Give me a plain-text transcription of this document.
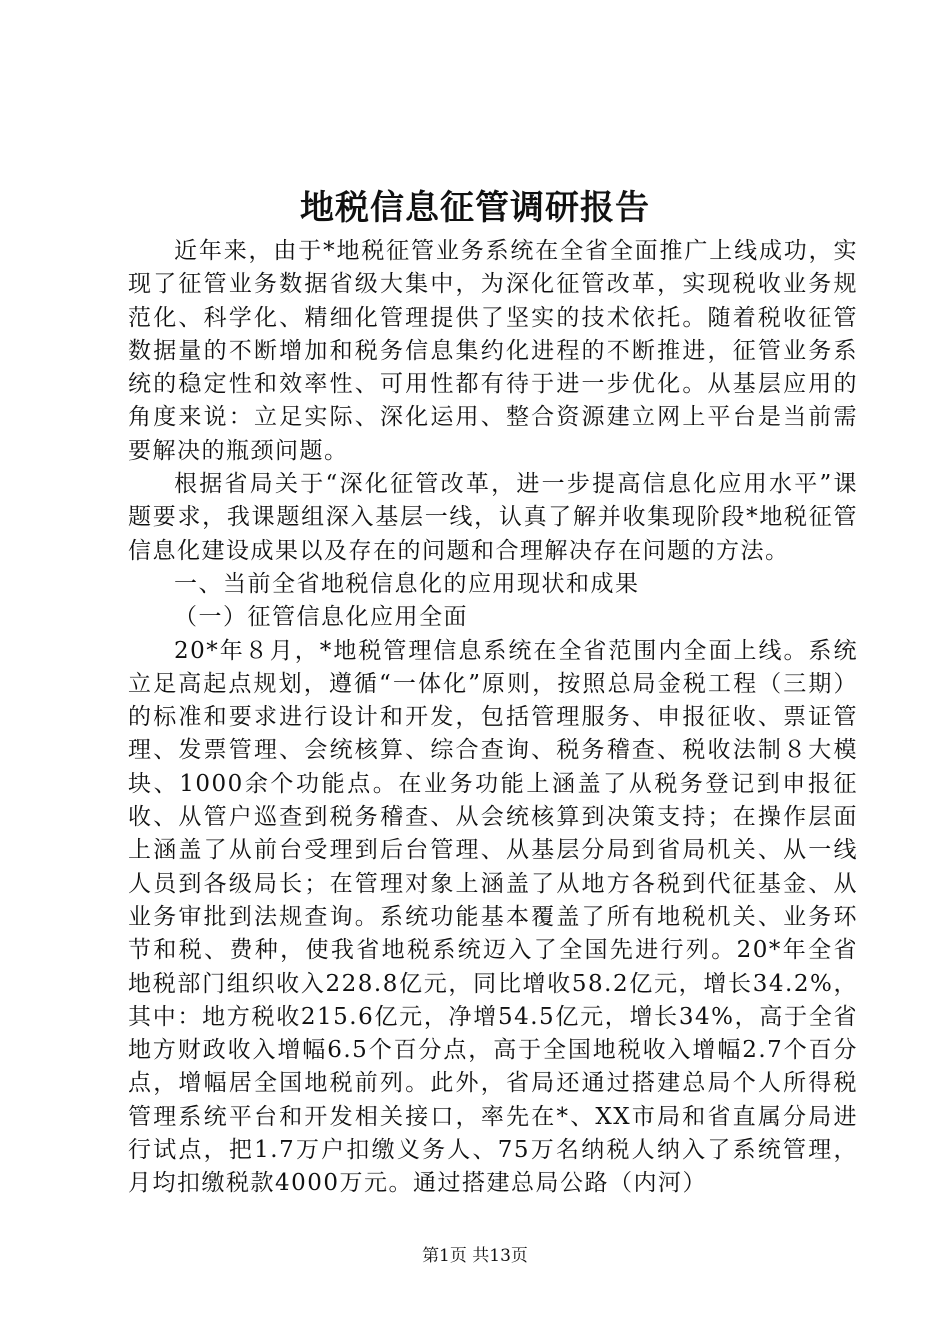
地税信息征管调研报告

近年来，由于*地税征管业务系统在全省全面推广上线成功，实现了征管业务数据省级大集中，为深化征管改革，实现税收业务规范化、科学化、精细化管理提供了坚实的技术依托。随着税收征管数据量的不断增加和税务信息集约化进程的不断推进，征管业务系统的稳定性和效率性、可用性都有待于进一步优化。从基层应用的角度来说：立足实际、深化运用、整合资源建立网上平台是当前需要解决的瓶颈问题。

根据省局关于“深化征管改革，进一步提高信息化应用水平”课题要求，我课题组深入基层一线，认真了解并收集现阶段*地税征管信息化建设成果以及存在的问题和合理解决存在问题的方法。

一、当前全省地税信息化的应用现状和成果

（一）征管信息化应用全面

20*年８月，*地税管理信息系统在全省范围内全面上线。系统立足高起点规划，遵循“一体化”原则，按照总局金税工程（三期）的标准和要求进行设计和开发，包括管理服务、申报征收、票证管理、发票管理、会统核算、综合查询、税务稽查、税收法制８大模块、1000余个功能点。在业务功能上涵盖了从税务登记到申报征收、从管户巡查到税务稽查、从会统核算到决策支持；在操作层面上涵盖了从前台受理到后台管理、从基层分局到省局机关、从一线人员到各级局长；在管理对象上涵盖了从地方各税到代征基金、从业务审批到法规查询。系统功能基本覆盖了所有地税机关、业务环节和税、费种，使我省地税系统迈入了全国先进行列。20*年全省地税部门组织收入228.8亿元，同比增收58.2亿元，增长34.2%，其中：地方税收215.6亿元，净增54.5亿元，增长34%，高于全省地方财政收入增幅6.5个百分点，高于全国地税收入增幅2.7个百分点，增幅居全国地税前列。此外，省局还通过搭建总局个人所得税管理系统平台和开发相关接口，率先在*、XX市局和省直属分局进行试点，把1.7万户扣缴义务人、75万名纳税人纳入了系统管理，月均扣缴税款4000万元。通过搭建总局公路（内河）

第1页 共13页
